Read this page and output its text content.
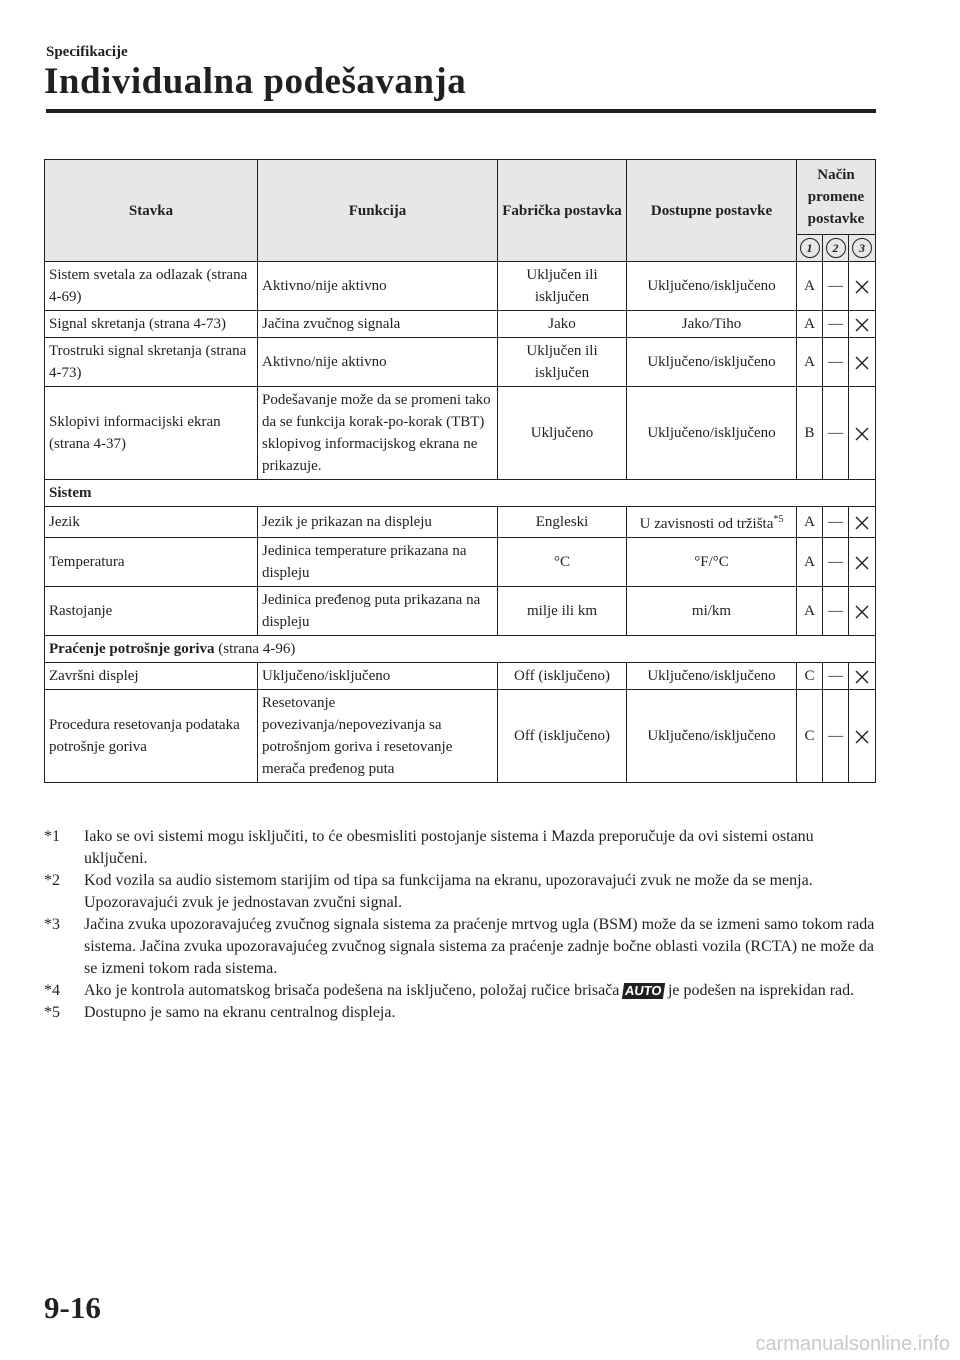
Specifikacije
Individualna podešavanja
Stavka	Funkcija	Fabrička postavka	Dostupne postavke	Način promene postavke		
				1	2	3
Sistem svetala za odlazak (strana 4-69)	Aktivno/nije aktivno	Uključen ili isključen	Uključeno/isključeno	A	—	
Signal skretanja (strana 4-73)	Jačina zvučnog signala	Jako	Jako/Tiho	A	—	
Trostruki signal skretanja (strana 4-73)	Aktivno/nije aktivno	Uključen ili isključen	Uključeno/isključeno	A	—	
Sklopivi informacijski ekran (strana 4-37)	Podešavanje može da se promeni tako da se funkcija korak-po-korak (TBT) sklopivog informacijskog ekrana ne prikazuje.	Uključeno	Uključeno/isključeno	B	—	
Sistem						
Jezik	Jezik je prikazan na displeju	Engleski	U zavisnosti od tržišta$^{*5}$	A	—	
Temperatura	Jedinica temperature prikazana na displeju	°C	°F/°C	A	—	
Rastojanje	Jedinica pređenog puta prikazana na displeju	milje ili km	mi/km	A	—	
Praćenje potrošnje goriva (strana 4-96)						
Završni displej	Uključeno/isključeno	Off (isključeno)	Uključeno/isključeno	C	—	
Procedura resetovanja podataka potrošnje goriva	Resetovanje povezivanja/nepovezivanja sa potrošnjom goriva i resetovanje merača pređenog puta	Off (isključeno)	Uključeno/isključeno	C	—	
*1 Iako se ovi sistemi mogu isključiti, to će obesmisliti postojanje sistema i Mazda preporučuje da ovi sistemi ostanu uključeni.
*2 Kod vozila sa audio sistemom starijim od tipa sa funkcijama na ekranu, upozoravajući zvuk ne može da se menja. Upozoravajući zvuk je jednostavan zvučni signal.
*3 Jačina zvuka upozoravajućeg zvučnog signala sistema za praćenje mrtvog ugla (BSM) može da se izmeni samo tokom rada sistema. Jačina zvuka upozoravajućeg zvučnog signala sistema za praćenje zadnje bočne oblasti vozila (RCTA) ne može da se izmeni tokom rada sistema.
*4 Ako je kontrola automatskog brisača podešena na isključeno, položaj ručice brisača AUTO je podešen na isprekidan rad.
*5 Dostupno je samo na ekranu centralnog displeja.
9-16
carmanualsonline.info
